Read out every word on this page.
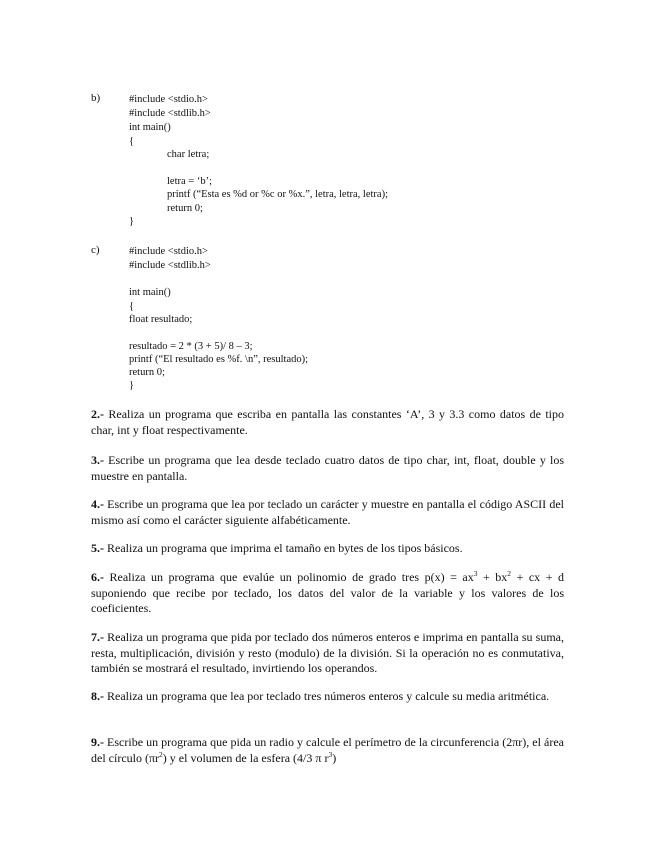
b)	#include <stdio.h>
#include <stdlib.h>
int main()
{
char letra;
letra = ‘b’;
printf (“Esta es %d or %c or %x.”, letra, letra, letra);
return 0;
}
c)	#include <stdio.h>
#include <stdlib.h>
int main()
{
float resultado;
resultado = 2 * (3 + 5)/ 8 – 3;
printf (“El resultado es %f. \n”, resultado);
return 0;
}

2.- Realiza un programa que escriba en pantalla las constantes ‘A’, 3 y 3.3 como datos de tipo char, int y float respectivamente.

3.- Escribe un programa que lea desde teclado cuatro datos de tipo char, int, float, double y los muestre en pantalla.

4.- Escribe un programa que lea por teclado un carácter y muestre en pantalla el código ASCII del mismo así como el carácter siguiente alfabéticamente.

5.- Realiza un programa que imprima el tamaño en bytes de los tipos básicos.

6.- Realiza un programa que evalúe un polinomio de grado tres $p(x) = ax^3 + bx^2$ + cx + d suponiendo que recibe por teclado, los datos del valor de la variable y los valores de los coeficientes.

7.- Realiza un programa que pida por teclado dos números enteros e imprima en pantalla su suma, resta, multiplicación, división y resto (modulo) de la división. Si la operación no es conmutativa, también se mostrará el resultado, invirtiendo los operandos.

8.- Realiza un programa que lea por teclado tres números enteros y calcule su media aritmética.

9.- Escribe un programa que pida un radio y calcule el perímetro de la circunferencia (2πr), el área del círculo $(\pi r^2)$ y el volumen de la esfera (4/3 π $r^3$)
